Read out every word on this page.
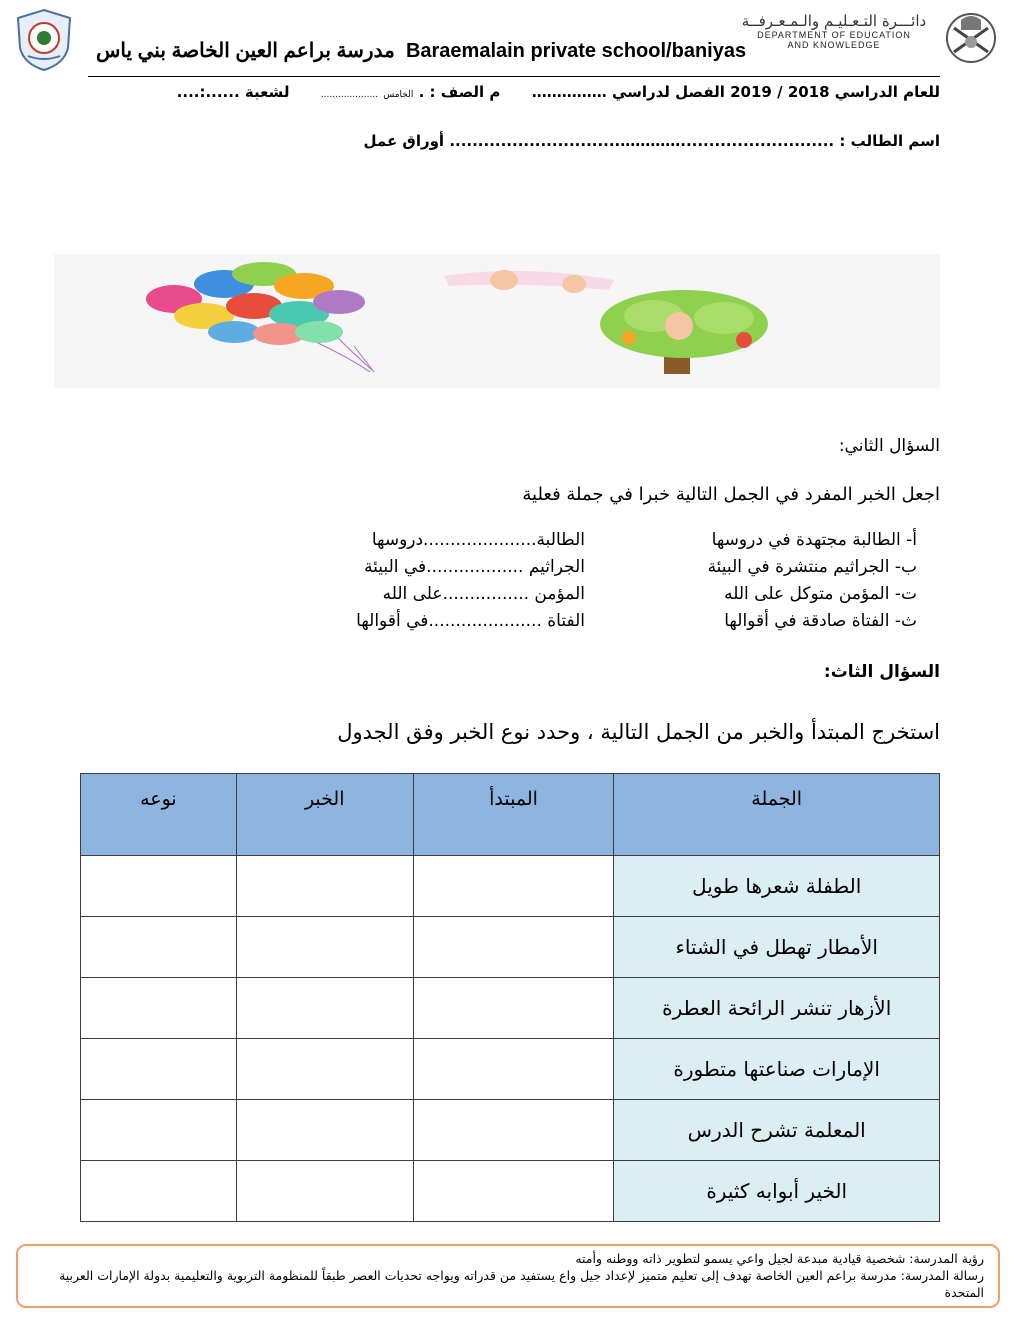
دائـــرة التـعـليـم والـمـعـرفــة
DEPARTMENT OF EDUCATION
AND KNOWLEDGE
مدرسة براعم العين الخاصة بني ياس Baraemalain private school/baniyas
للعام الدراسي 2018 / 2019 الفصل لدراسي ……………      م الصف : . الخامس ....................      لشعبة ......:....
اسم الطالب : ...........................………….............................. أوراق عمل
السؤال الثاني:
اجعل الخبر المفرد في الجمل التالية خبرا في جملة فعلية
أ- الطالبة مجتهدة في دروسها
ب- الجراثيم منتشرة في البيئة
ت- المؤمن متوكل على الله
ث- الفتاة صادقة في أقوالها
الطالبة.....................دروسها
الجراثيم ..................في البيئة
المؤمن ................على الله
الفتاة .....................في أقوالها
السؤال الثاث:
استخرج المبتدأ والخبر من الجمل التالية ، وحدد نوع الخبر وفق الجدول
الجملة	المبتدأ	الخبر	نوعه
الطفلة شعرها طويل			
الأمطار تهطل في الشتاء			
الأزهار تنشر الرائحة العطرة			
الإمارات صناعتها متطورة			
المعلمة تشرح الدرس			
الخير أبوابه كثيرة			

رؤية المدرسة: شخصية قيادية مبدعة لجيل واعي يسمو لتطوير ذاته ووطنه وأمته

رسالة المدرسة: مدرسة براعم العين الخاصة تهدف إلى تعليم متميز لإعداد جيل واع يستفيد من قدراته ويواجه تحديات العصر طبقاً للمنظومة التربوية والتعليمية بدولة الإمارات العربية المتحدة
